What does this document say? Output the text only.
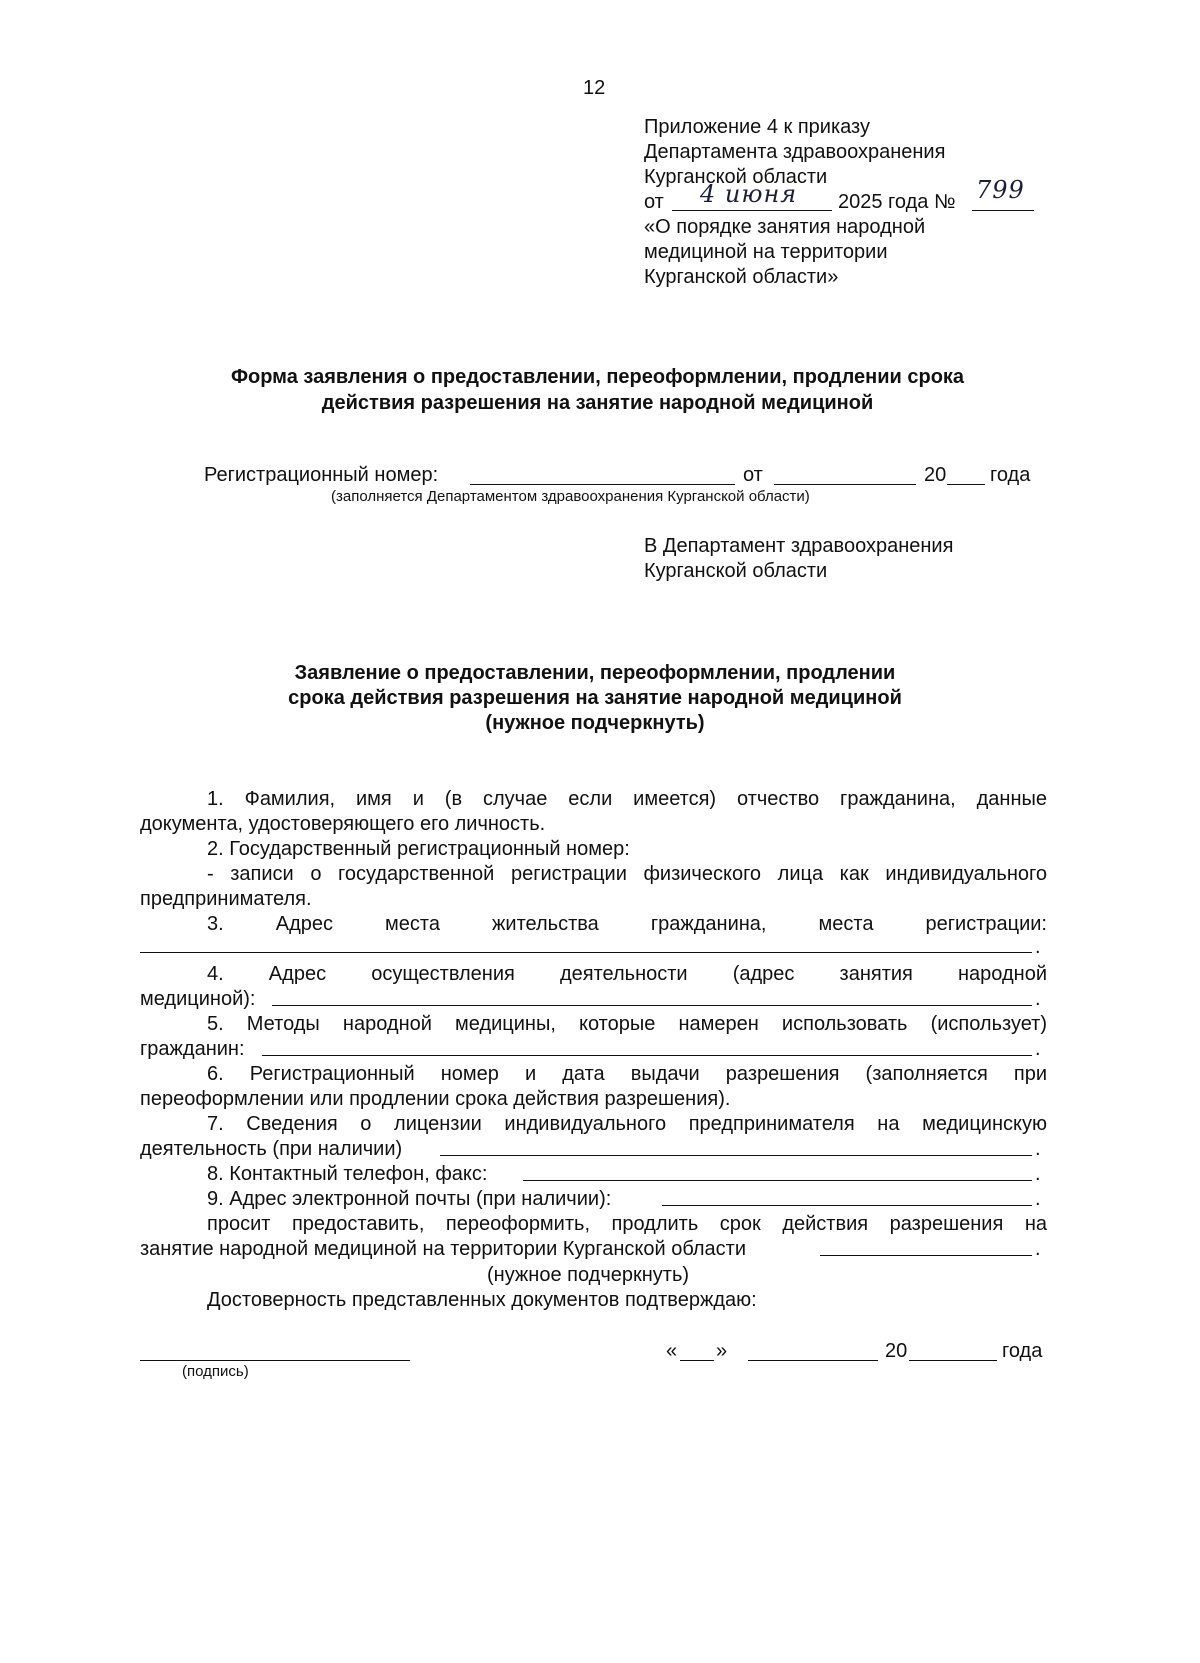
12
Приложение 4 к приказу
Департамента здравоохранения
Курганской области
от 4 июня 2025 года № 799
«О порядке занятия народной
медициной на территории
Курганской области»
Форма заявления о предоставлении, переоформлении, продлении срока
действия разрешения на занятие народной медициной
Регистрационный номер:	от	20 года
(заполняется Департаментом здравоохранения Курганской области)
В Департамент здравоохранения
Курганской области
Заявление о предоставлении, переоформлении, продлении
срока действия разрешения на занятие народной медициной
(нужное подчеркнуть)
1. Фамилия, имя и (в случае если имеется) отчество гражданина, данные
документа, удостоверяющего его личность.
2. Государственный регистрационный номер:
- записи о государственной регистрации физического лица как индивидуального
предпринимателя.
3. Адрес места жительства гражданина, места регистрации:
.
4. Адрес осуществления деятельности (адрес занятия народной
медициной):	.
5. Методы народной медицины, которые намерен использовать (использует)
гражданин:	.
6. Регистрационный номер и дата выдачи разрешения (заполняется при
переоформлении или продлении срока действия разрешения).
7. Сведения о лицензии индивидуального предпринимателя на медицинскую
деятельность (при наличии)	.
8. Контактный телефон, факс:	.
9. Адрес электронной почты (при наличии):	.
просит предоставить, переоформить, продлить срок действия разрешения на
занятие народной медициной на территории Курганской области	.
(нужное подчеркнуть)
Достоверность представленных документов подтверждаю:
(подпись)
« »	20	года
